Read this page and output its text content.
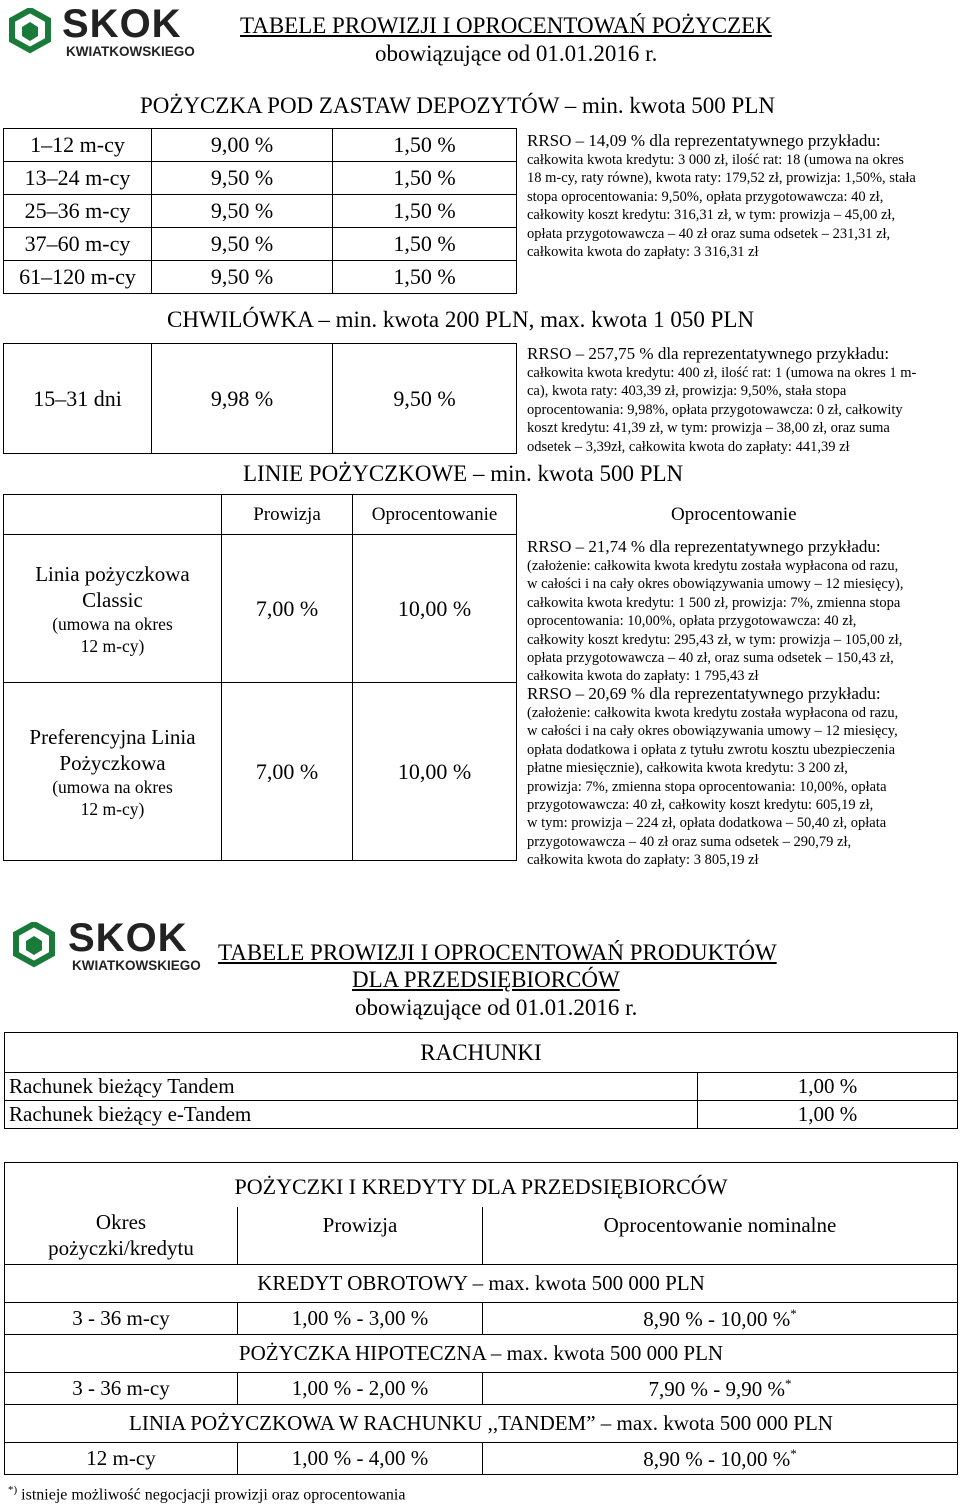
SKOK
KWIATKOWSKIEGO
TABELE PROWIZJI I OPROCENTOWAŃ POŻYCZEK
obowiązujące od 01.01.2016 r.
POŻYCZKA POD ZASTAW DEPOZYTÓW – min. kwota 500 PLN
1–12 m-cy	9,00 %	1,50 %
13–24 m-cy	9,50 %	1,50 %
25–36 m-cy	9,50 %	1,50 %
37–60 m-cy	9,50 %	1,50 %
61–120 m-cy	9,50 %	1,50 %
RRSO – 14,09 % dla reprezentatywnego przykładu:
całkowita kwota kredytu: 3 000 zł, ilość rat: 18 (umowa na okres
18 m-cy, raty równe), kwota raty: 179,52 zł, prowizja: 1,50%, stała
stopa oprocentowania: 9,50%, opłata przygotowawcza: 40 zł,
całkowity koszt kredytu: 316,31 zł, w tym: prowizja – 45,00 zł,
opłata przygotowawcza – 40 zł oraz suma odsetek – 231,31 zł,
całkowita kwota do zapłaty: 3 316,31 zł
CHWILÓWKA – min. kwota 200 PLN, max. kwota 1 050 PLN
15–31 dni	9,98 %	9,50 %
RRSO – 257,75 % dla reprezentatywnego przykładu:
całkowita kwota kredytu: 400 zł, ilość rat: 1 (umowa na okres 1 m-
ca), kwota raty: 403,39 zł, prowizja: 9,50%, stała stopa
oprocentowania: 9,98%, opłata przygotowawcza: 0 zł, całkowity
koszt kredytu: 41,39 zł, w tym: prowizja – 38,00 zł, oraz suma
odsetek – 3,39zł, całkowita kwota do zapłaty: 441,39 zł
LINIE POŻYCZKOWE – min. kwota 500 PLN
	Prowizja	Oprocentowanie

Linia pożyczkowa
Classic
(umowa na okres
12 m-cy)	7,00 %	10,00 %

Preferencyjna Linia
Pożyczkowa
(umowa na okres
12 m-cy)	7,00 %	10,00 %
Oprocentowanie
RRSO – 21,74 % dla reprezentatywnego przykładu:
(założenie: całkowita kwota kredytu została wypłacona od razu,
w całości i na cały okres obowiązywania umowy – 12 miesięcy),
całkowita kwota kredytu: 1 500 zł, prowizja: 7%, zmienna stopa
oprocentowania: 10,00%, opłata przygotowawcza: 40 zł,
całkowity koszt kredytu: 295,43 zł, w tym: prowizja – 105,00 zł,
opłata przygotowawcza – 40 zł, oraz suma odsetek – 150,43 zł,
całkowita kwota do zapłaty: 1 795,43 zł
RRSO – 20,69 % dla reprezentatywnego przykładu:
(założenie: całkowita kwota kredytu została wypłacona od razu,
w całości i na cały okres obowiązywania umowy – 12 miesięcy,
opłata dodatkowa i opłata z tytułu zwrotu kosztu ubezpieczenia
płatne miesięcznie), całkowita kwota kredytu: 3 200 zł,
prowizja: 7%, zmienna stopa oprocentowania: 10,00%, opłata
przygotowawcza: 40 zł, całkowity koszt kredytu: 605,19 zł,
w tym: prowizja – 224 zł, opłata dodatkowa – 50,40 zł, opłata
przygotowawcza – 40 zł oraz suma odsetek – 290,79 zł,
całkowita kwota do zapłaty: 3 805,19 zł
SKOK
KWIATKOWSKIEGO
TABELE PROWIZJI I OPROCENTOWAŃ PRODUKTÓW
DLA PRZEDSIĘBIORCÓW
obowiązujące od 01.01.2016 r.
RACHUNKI	
Rachunek bieżący Tandem	1,00 %
Rachunek bieżący e-Tandem	1,00 %
POŻYCZKI I KREDYTY DLA PRZEDSIĘBIORCÓW		

Okres
pożyczki/kredytu	Prowizja	Oprocentowanie nominalne
KREDYT OBROTOWY – max. kwota 500 000 PLN		
3 - 36 m-cy	1,00 % - 3,00 %	8,90 % - 10,00 %*
POŻYCZKA HIPOTECZNA – max. kwota 500 000 PLN		
3 - 36 m-cy	1,00 % - 2,00 %	7,90 % - 9,90 %*
LINIA POŻYCZKOWA W RACHUNKU ,,TANDEM” – max. kwota 500 000 PLN		
12 m-cy	1,00 % - 4,00 %	8,90 % - 10,00 %*
*) istnieje możliwość negocjacji prowizji oraz oprocentowania
